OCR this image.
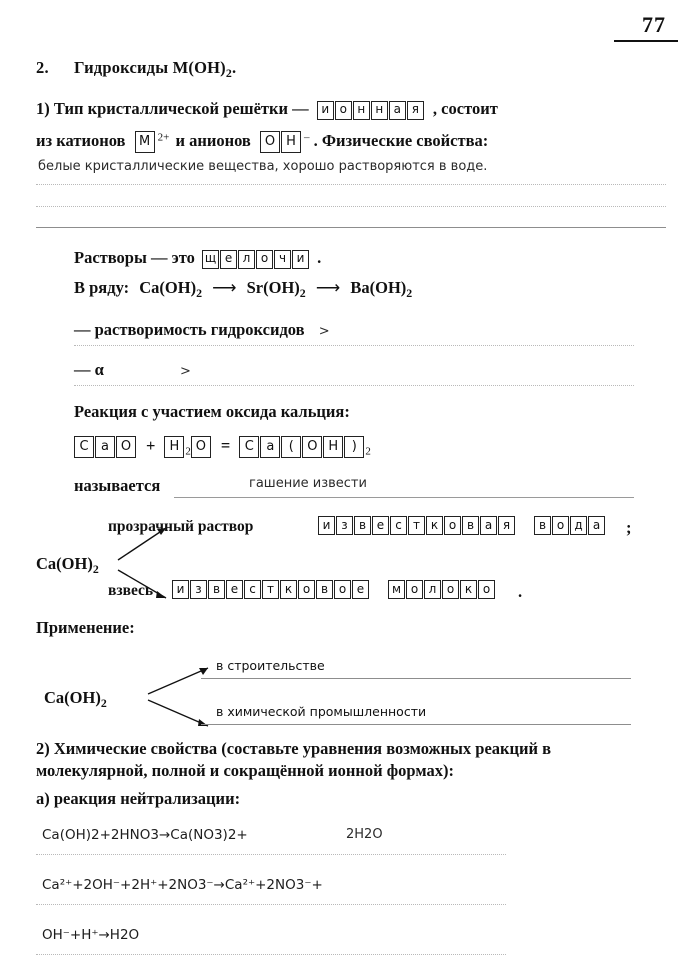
77
2. Гидроксиды $М(ОН)_2$.
1) Тип кристаллической решётки —	и о н н а я , состоит
из катионов	М $^{2+}$ и анионов	О Н – . Физические свойства:
белые кристаллические вещества, хорошо растворяются в воде.
Растворы — это щ е л о ч и .
В ряду: $Ca(OH)_2$ ⟶ $Sr(OH)_2$ ⟶ $Ba(OH)_2$
— растворимость гидроксидов >
— α	>
Реакция с участием оксида кальция:
C a O +	H $_2$ O =	C a	(	O H	) $_2$
называется	гашение извести
$Ca(OH)_2$
прозрачный раствор	и з в е с т к о в а я	в о д а ;
взвесь	и з в е с т к о в о е	м о л о к о .
Применение:
$Ca(OH)_2$
в строительстве
в химической промышленности
2) Химические свойства (составьте уравнения возможных реакций в молекулярной, полной и сокращённой ионной формах):
а) реакция нейтрализации:
Ca(OH)2+2HNO3→Ca(NO3)2+	2H2O
Ca²⁺+2OH⁻+2H⁺+2NO3⁻→Ca²⁺+2NO3⁻+
OH⁻+H⁺→H2O
